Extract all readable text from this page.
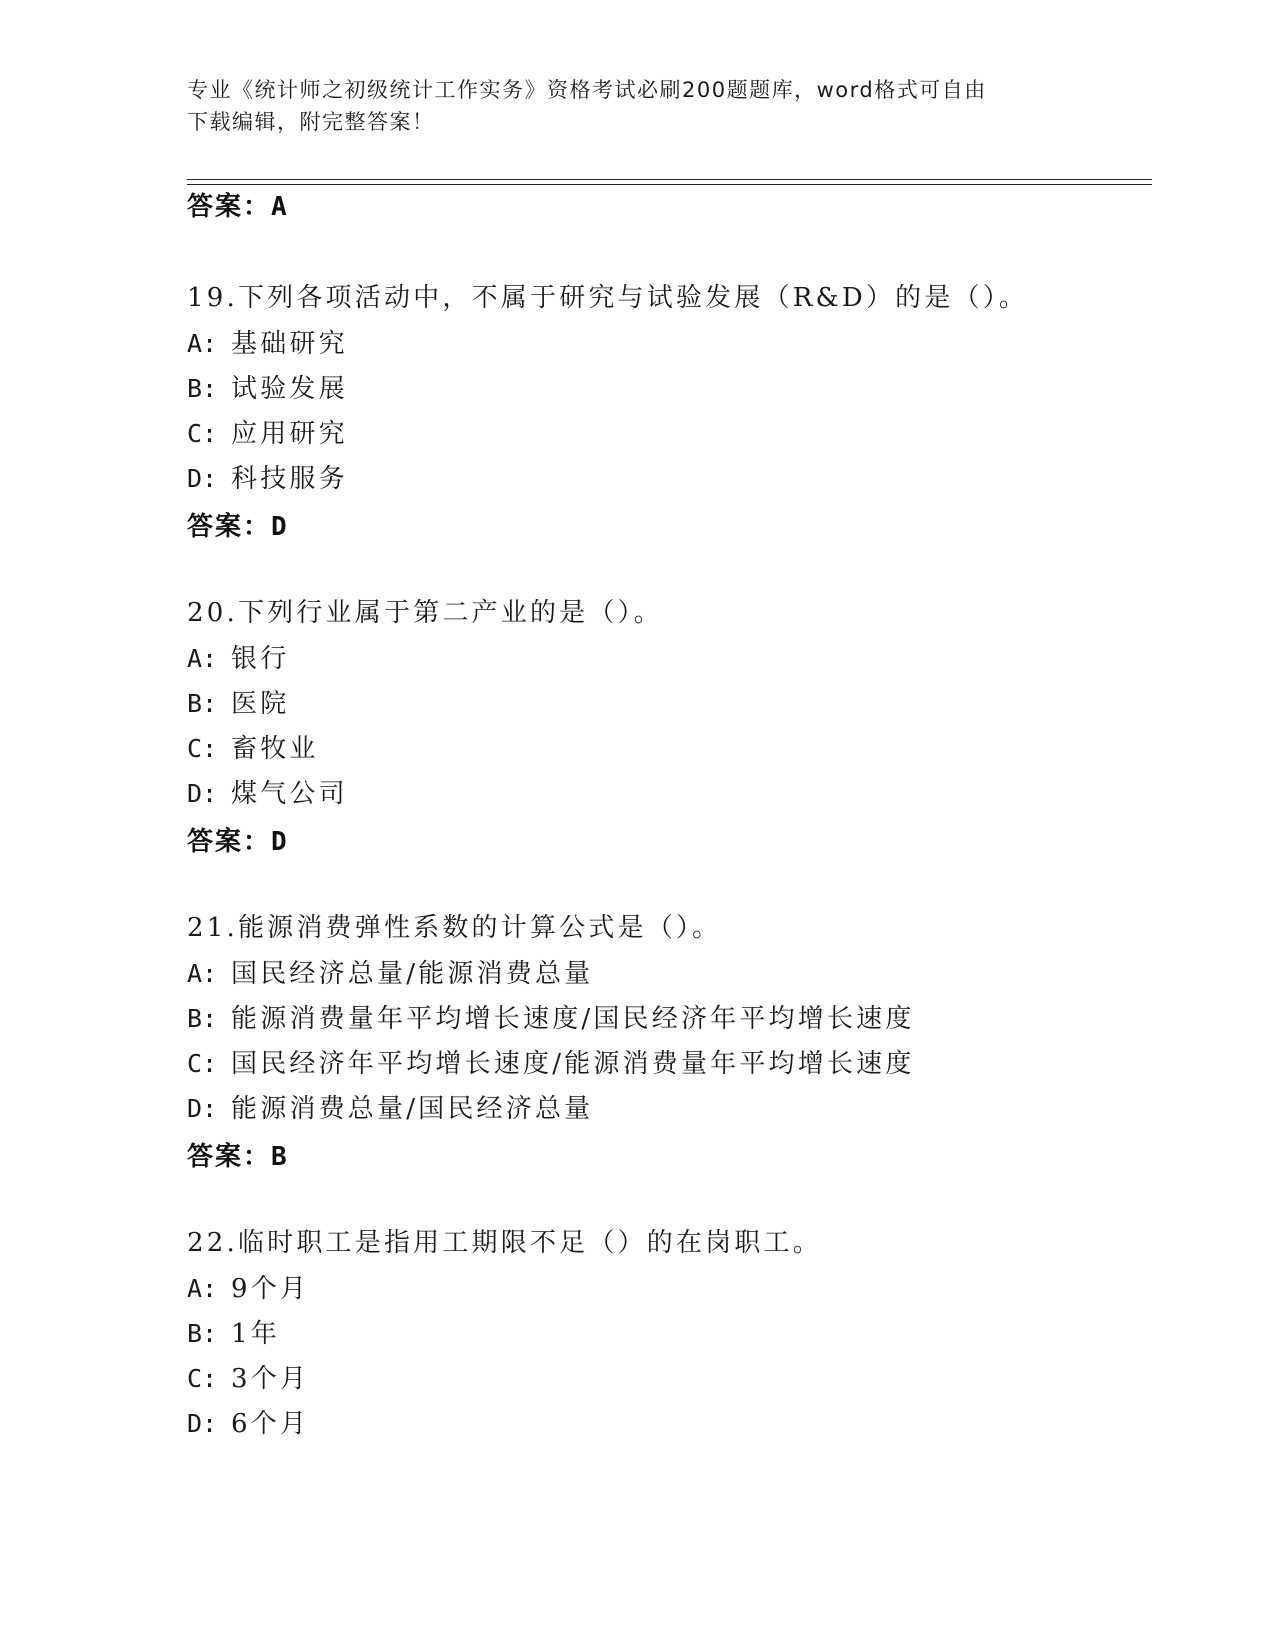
专业《统计师之初级统计工作实务》资格考试必刷200题题库，word格式可自由
下载编辑，附完整答案！
答案：A
19.下列各项活动中，不属于研究与试验发展（R&D）的是（）。
A: 基础研究
B: 试验发展
C: 应用研究
D: 科技服务
答案：D
20.下列行业属于第二产业的是（）。
A: 银行
B: 医院
C: 畜牧业
D: 煤气公司
答案：D
21.能源消费弹性系数的计算公式是（）。
A: 国民经济总量/能源消费总量
B: 能源消费量年平均增长速度/国民经济年平均增长速度
C: 国民经济年平均增长速度/能源消费量年平均增长速度
D: 能源消费总量/国民经济总量
答案：B
22.临时职工是指用工期限不足（）的在岗职工。
A: 9个月
B: 1年
C: 3个月
D: 6个月
